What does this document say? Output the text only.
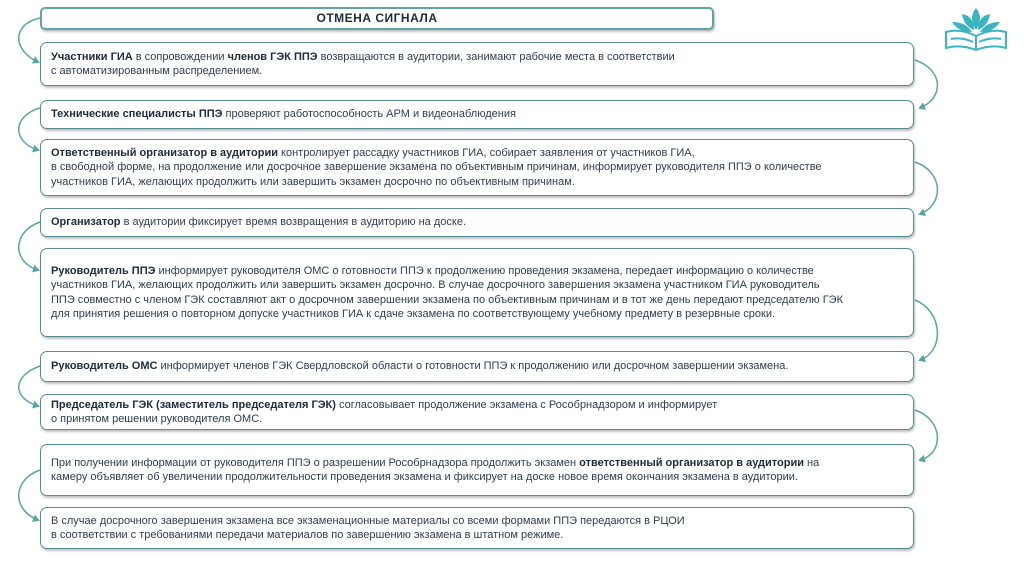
ОТМЕНА СИГНАЛА

Участники ГИА в сопровождении членов ГЭК ППЭ возвращаются в аудитории, занимают рабочие места в соответствии

с автоматизированным распределением.

Технические специалисты ППЭ проверяют работоспособность АРМ и видеонаблюдения

Ответственный организатор в аудитории контролирует рассадку участников ГИА, собирает заявления от участников ГИА,

в свободной форме, на продолжение или досрочное завершение экзамена по объективным причинам, информирует руководителя ППЭ о количестве

участников ГИА, желающих продолжить или завершить экзамен досрочно по объективным причинам.

Организатор в аудитории фиксирует время возвращения в аудиторию на доске.

Руководитель ППЭ информирует руководителя ОМС о готовности ППЭ к продолжению проведения экзамена, передает информацию о количестве

участников ГИА, желающих продолжить или завершить экзамен досрочно. В случае досрочного завершения экзамена участником ГИА руководитель

ППЭ совместно с членом ГЭК составляют акт о досрочном завершении экзамена по объективным причинам и в тот же день передают председателю ГЭК

для принятия решения о повторном допуске участников ГИА к сдаче экзамена по соответствующему учебному предмету в резервные сроки.

Руководитель ОМС информирует членов ГЭК Свердловской области о готовности ППЭ к продолжению или досрочном завершении экзамена.

Председатель ГЭК (заместитель председателя ГЭК) согласовывает продолжение экзамена с Рособрнадзором и информирует

о принятом решении руководителя ОМС.

При получении информации от руководителя ППЭ о разрешении Рособрнадзора продолжить экзамен ответственный организатор в аудитории на

камеру объявляет об увеличении продолжительности проведения экзамена и фиксирует на доске новое время окончания экзамена в аудитории.

В случае досрочного завершения экзамена все экзаменационные материалы со всеми формами ППЭ передаются в РЦОИ

в соответствии с требованиями передачи материалов по завершению экзамена в штатном режиме.
